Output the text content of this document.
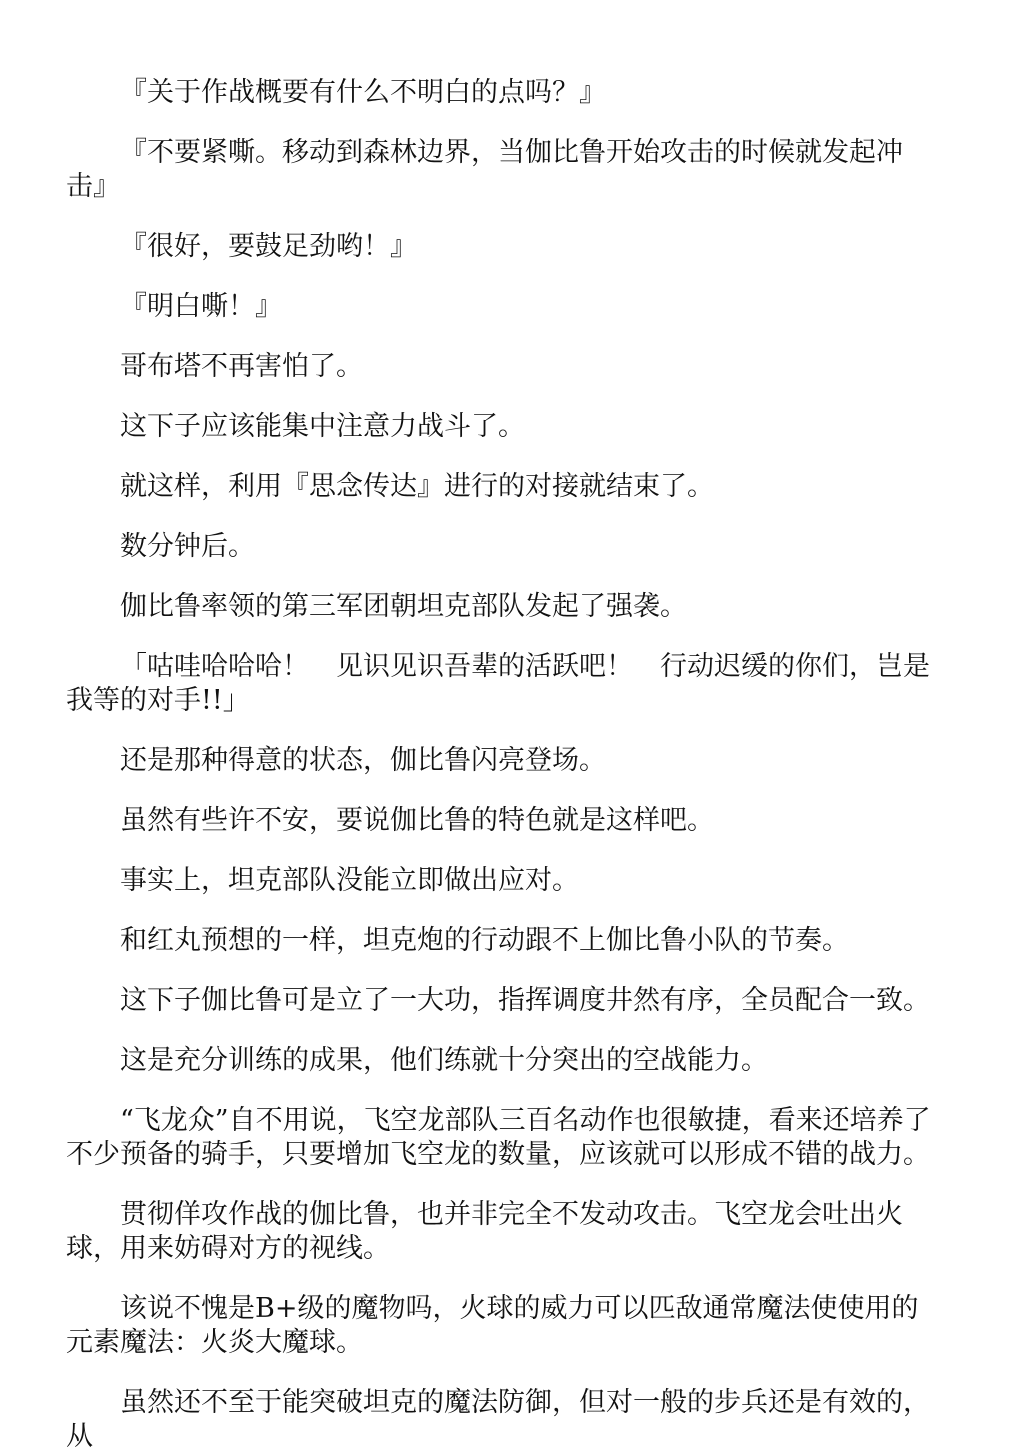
『关于作战概要有什么不明白的点吗？』

『不要紧嘶。移动到森林边界，当伽比鲁开始攻击的时候就发起冲击』

『很好，要鼓足劲哟！』

『明白嘶！』

哥布塔不再害怕了。

这下子应该能集中注意力战斗了。

就这样，利用『思念传达』进行的对接就结束了。

数分钟后。

伽比鲁率领的第三军团朝坦克部队发起了强袭。

「咕哇哈哈哈！　见识见识吾辈的活跃吧！　行动迟缓的你们，岂是我等的对手!!」

还是那种得意的状态，伽比鲁闪亮登场。

虽然有些许不安，要说伽比鲁的特色就是这样吧。

事实上，坦克部队没能立即做出应对。

和红丸预想的一样，坦克炮的行动跟不上伽比鲁小队的节奏。

这下子伽比鲁可是立了一大功，指挥调度井然有序，全员配合一致。

这是充分训练的成果，他们练就十分突出的空战能力。

“飞龙众”自不用说，飞空龙部队三百名动作也很敏捷，看来还培养了不少预备的骑手，只要增加飞空龙的数量，应该就可以形成不错的战力。

贯彻佯攻作战的伽比鲁，也并非完全不发动攻击。飞空龙会吐出火球，用来妨碍对方的视线。

该说不愧是B+级的魔物吗，火球的威力可以匹敌通常魔法使使用的元素魔法：火炎大魔球。

虽然还不至于能突破坦克的魔法防御，但对一般的步兵还是有效的，从
